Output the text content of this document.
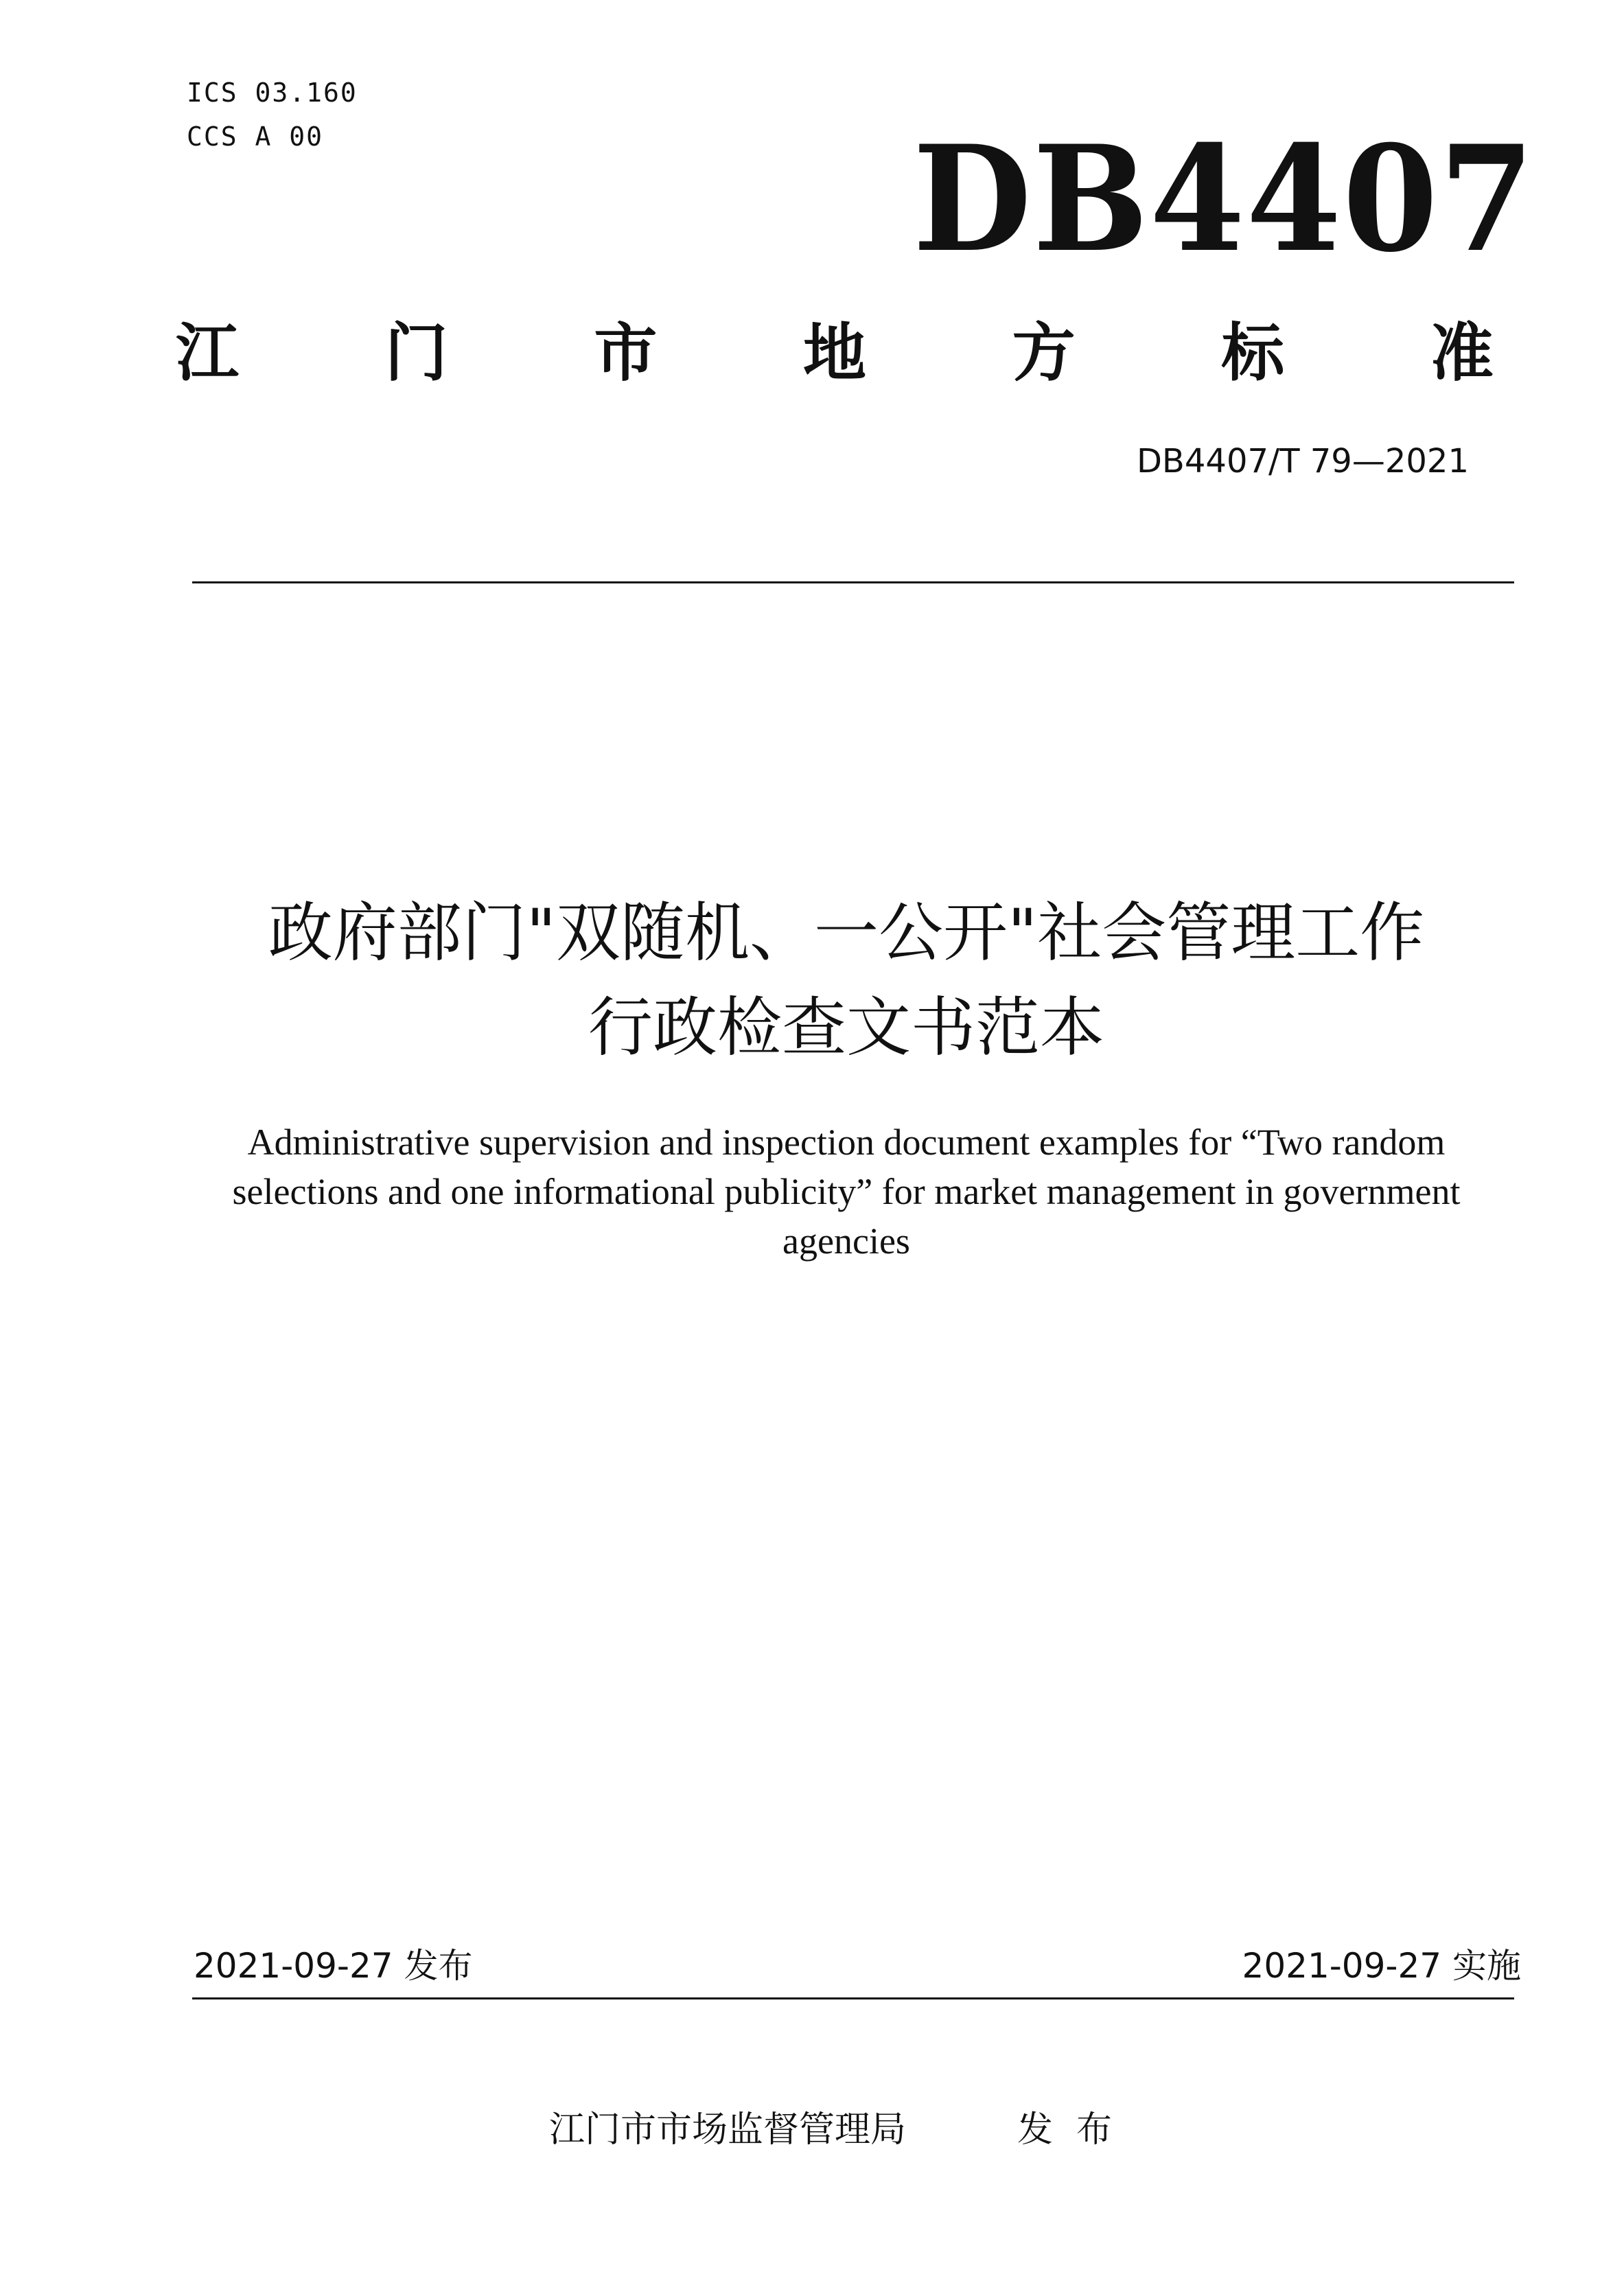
ICS 03.160
CCS A 00	DB4407
江 门 市 地 方 标 准
DB4407/T 79—2021
政府部门"双随机、一公开"社会管理工作
行政检查文书范本
Administrative supervision and inspection document examples for “Two random selections and one informational publicity” for market management in government agencies
2021-09-27 发布	2021-09-27 实施
江门市市场监督管理局	发布
